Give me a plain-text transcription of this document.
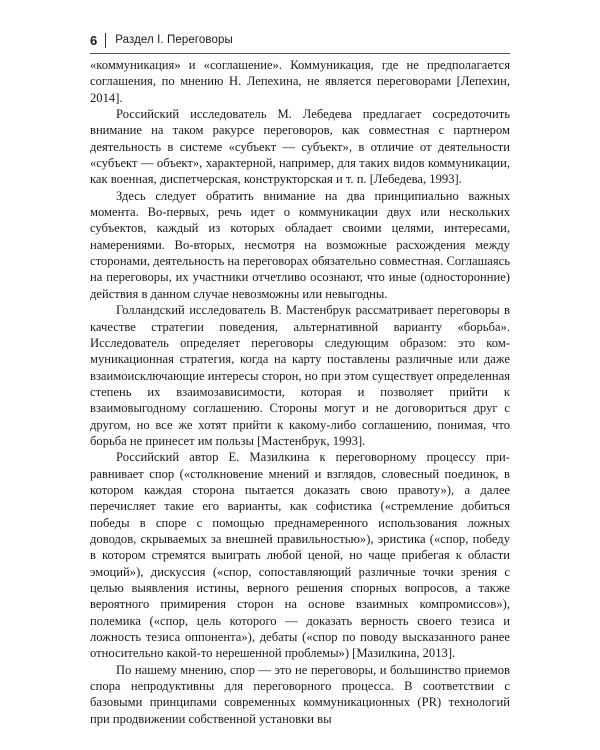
6 Раздел I. Переговоры

«коммуникация» и «соглашение». Коммуникация, где не предполагается соглашения, по мнению Н. Лепехина, не является переговорами [Лепехин, 2014].

Российский исследователь М. Лебедева предлагает сосредоточить внимание на таком ракурсе переговоров, как совместная с партнером деятельность в системе «субъект — субъект», в отличие от деятельности «субъект — объект», характерной, например, для таких видов коммуникации, как военная, диспетчерская, конструкторская и т. п. [Лебедева, 1993].

Здесь следует обратить внимание на два принципиально важных момента. Во-первых, речь идет о коммуникации двух или нескольких субъектов, каждый из которых обладает своими целями, интересами, намерениями. Во-вторых, несмотря на возможные расхождения между сторонами, деятельность на переговорах обязательно совместная. Соглашаясь на переговоры, их участники отчетливо осознают, что иные (односторонние) действия в данном случае невозможны или невыгодны.

Голландский исследователь В. Мастенбрук рассматривает переговоры в качестве стратегии поведения, альтернативной варианту «борьба». Исследователь определяет переговоры следующим образом: это коммуникационная стратегия, когда на карту поставлены различные или даже взаимоисключающие интересы сторон, но при этом существует определенная степень их взаимозависимости, которая и позволяет прийти к взаимовыгодному соглашению. Стороны могут и не договориться друг с другом, но все же хотят прийти к какому-либо соглашению, понимая, что борьба не принесет им пользы [Мастенбрук, 1993].

Российский автор Е. Мазилкина к переговорному процессу приравнивает спор («столкновение мнений и взглядов, словесный поединок, в котором каждая сторона пытается доказать свою правоту»), а далее перечисляет такие его варианты, как софистика («стремление добиться победы в споре с помощью преднамеренного использования ложных доводов, скрываемых за внешней правильностью»), эристика («спор, победу в котором стремятся выиграть любой ценой, но чаще прибегая к области эмоций»), дискуссия («спор, сопоставляющий различные точки зрения с целью выявления истины, верного решения спорных вопросов, а также вероятного примирения сторон на основе взаимных компромиссов»), полемика («спор, цель которого — доказать верность своего тезиса и ложность тезиса оппонента»), дебаты («спор по поводу высказанного ранее относительно какой-то нерешенной проблемы») [Мазилкина, 2013].

По нашему мнению, спор — это не переговоры, и большинство приемов спора непродуктивны для переговорного процесса. В соответствии с базовыми принципами современных коммуникационных (PR) технологий при продвижении собственной установки вы
